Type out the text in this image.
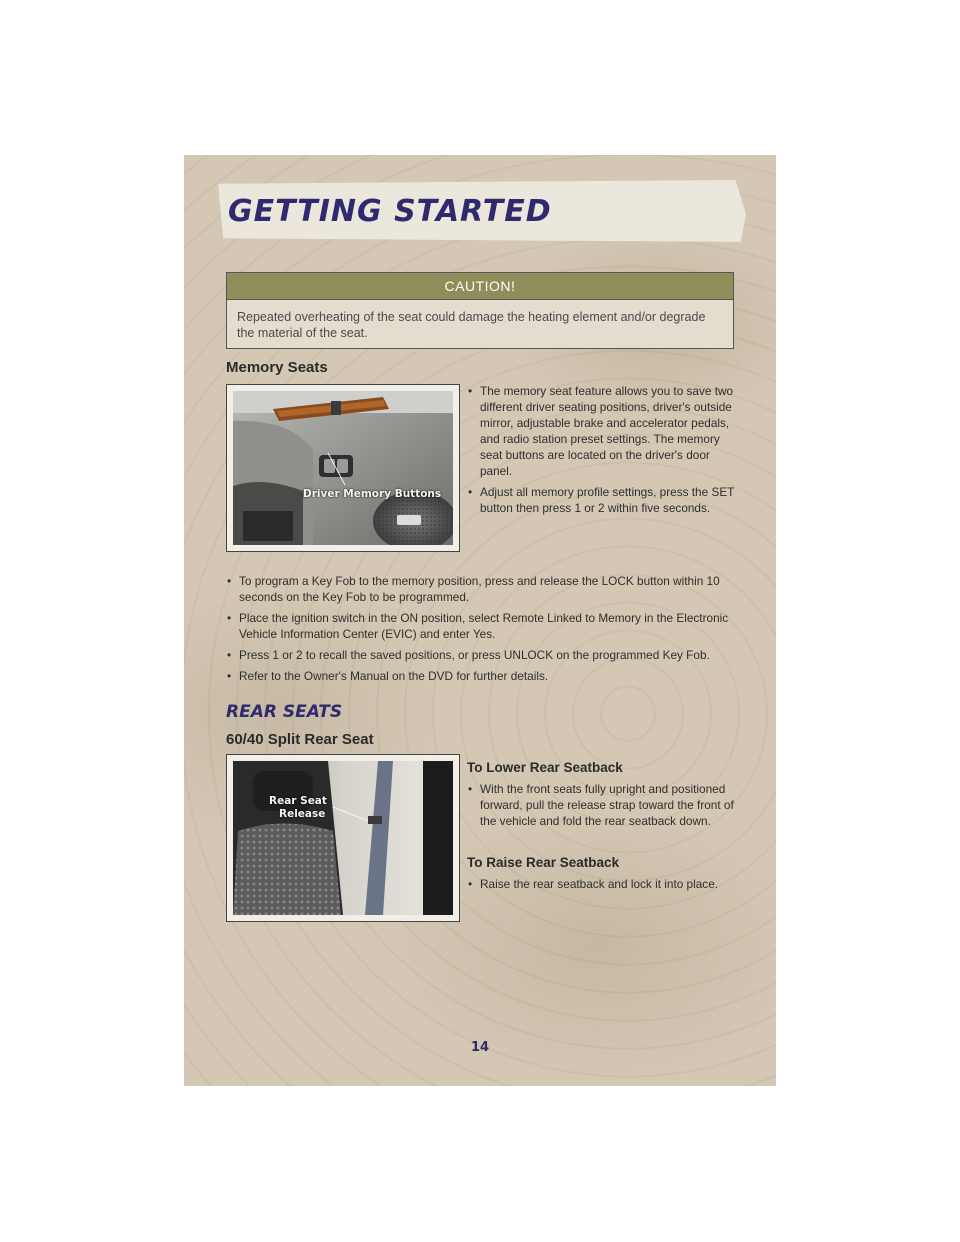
GETTING STARTED
CAUTION!
Repeated overheating of the seat could damage the heating element and/or degrade the material of the seat.
Memory Seats
Driver Memory Buttons
• The memory seat feature allows you to save two different driver seating positions, driver's outside mirror, adjustable brake and accelerator pedals, and radio station preset settings. The memory seat buttons are located on the driver's door panel.
• Adjust all memory profile settings, press the SET button then press 1 or 2 within five seconds.
• To program a Key Fob to the memory position, press and release the LOCK button within 10 seconds on the Key Fob to be programmed.
• Place the ignition switch in the ON position, select Remote Linked to Memory in the Electronic Vehicle Information Center (EVIC) and enter Yes.
• Press 1 or 2 to recall the saved positions, or press UNLOCK on the programmed Key Fob.
• Refer to the Owner's Manual on the DVD for further details.
REAR SEATS
60/40 Split Rear Seat
Rear Seat
Release
To Lower Rear Seatback
• With the front seats fully upright and positioned forward, pull the release strap toward the front of the vehicle and fold the rear seatback down.
To Raise Rear Seatback
• Raise the rear seatback and lock it into place.
14
